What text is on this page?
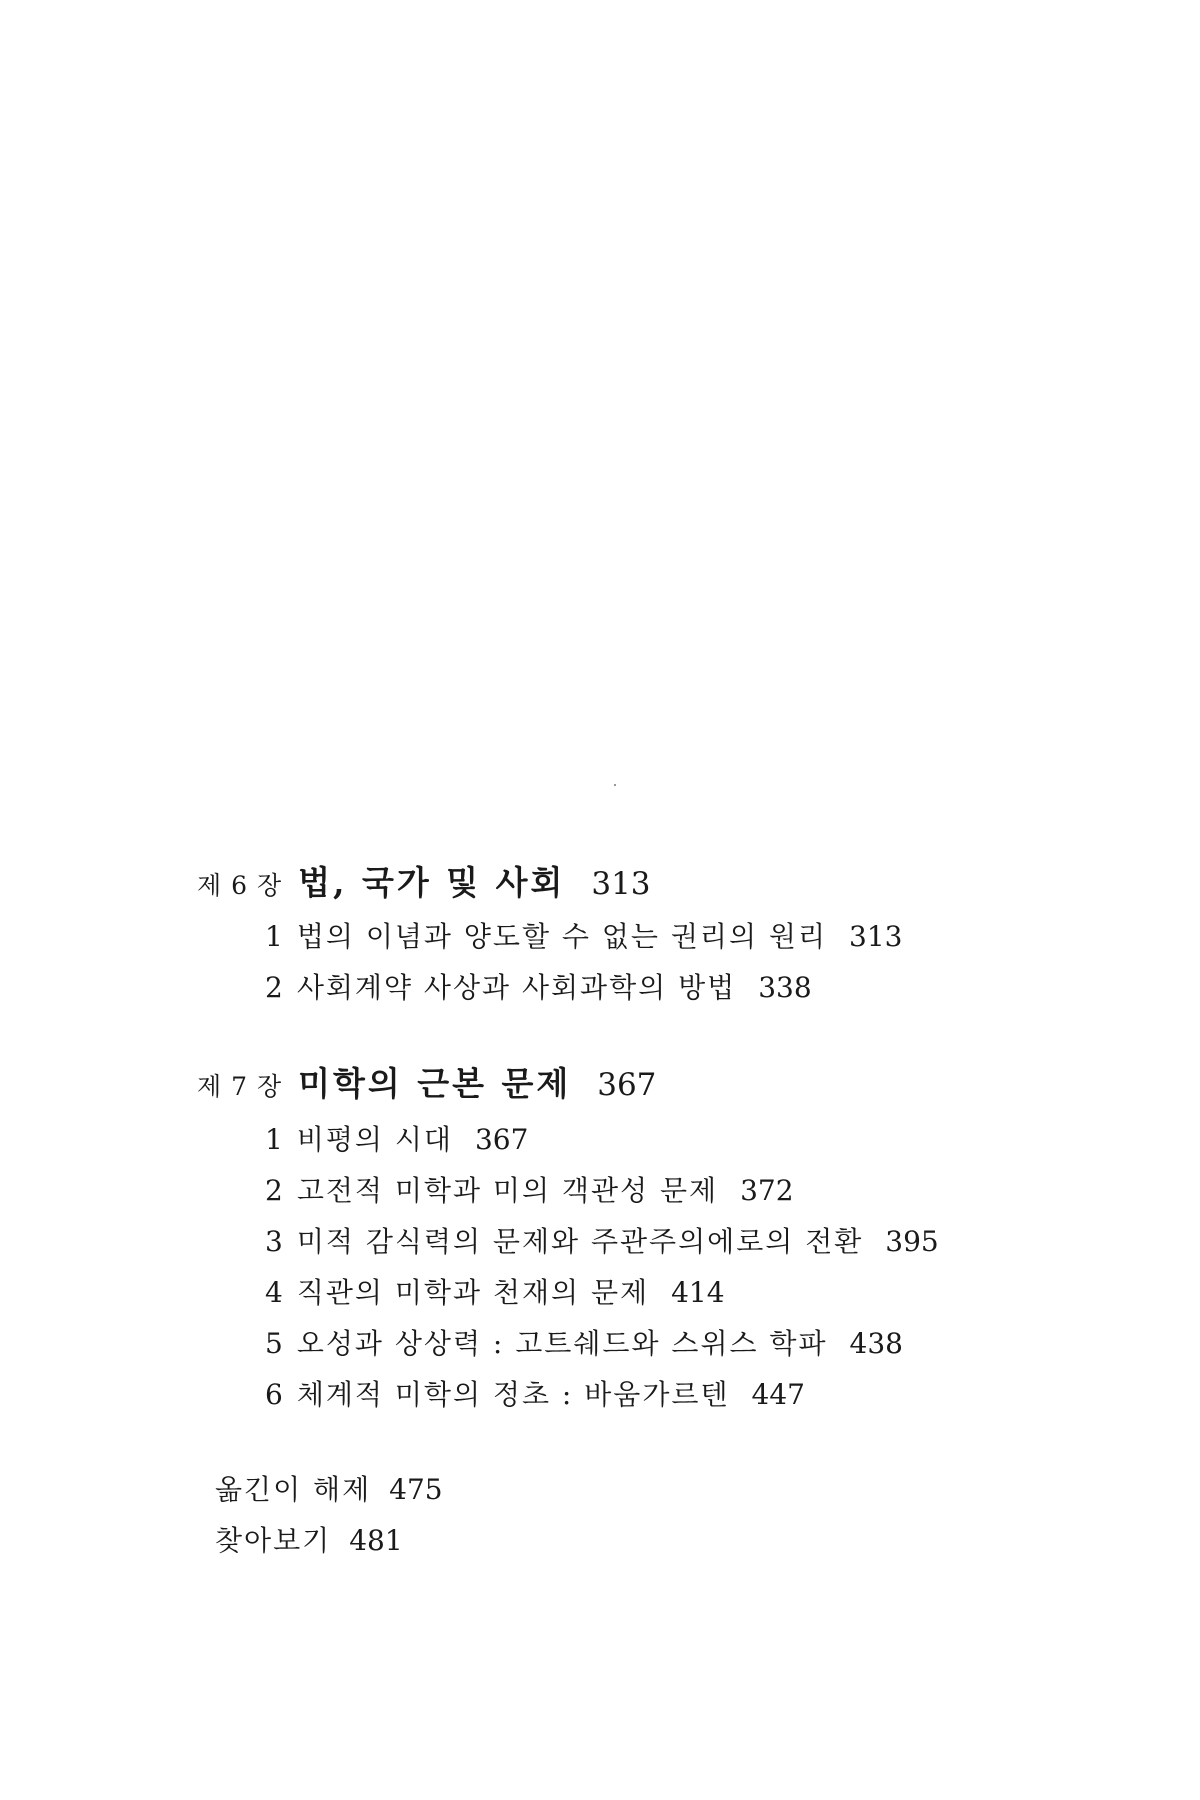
제 6 장 법, 국가 및 사회 313
1 법의 이념과 양도할 수 없는 권리의 원리 313
2 사회계약 사상과 사회과학의 방법 338
제 7 장 미학의 근본 문제 367
1 비평의 시대 367
2 고전적 미학과 미의 객관성 문제 372
3 미적 감식력의 문제와 주관주의에로의 전환 395
4 직관의 미학과 천재의 문제 414
5 오성과 상상력 : 고트쉐드와 스위스 학파 438
6 체계적 미학의 정초 : 바움가르텐 447
옮긴이 해제 475
찾아보기 481
